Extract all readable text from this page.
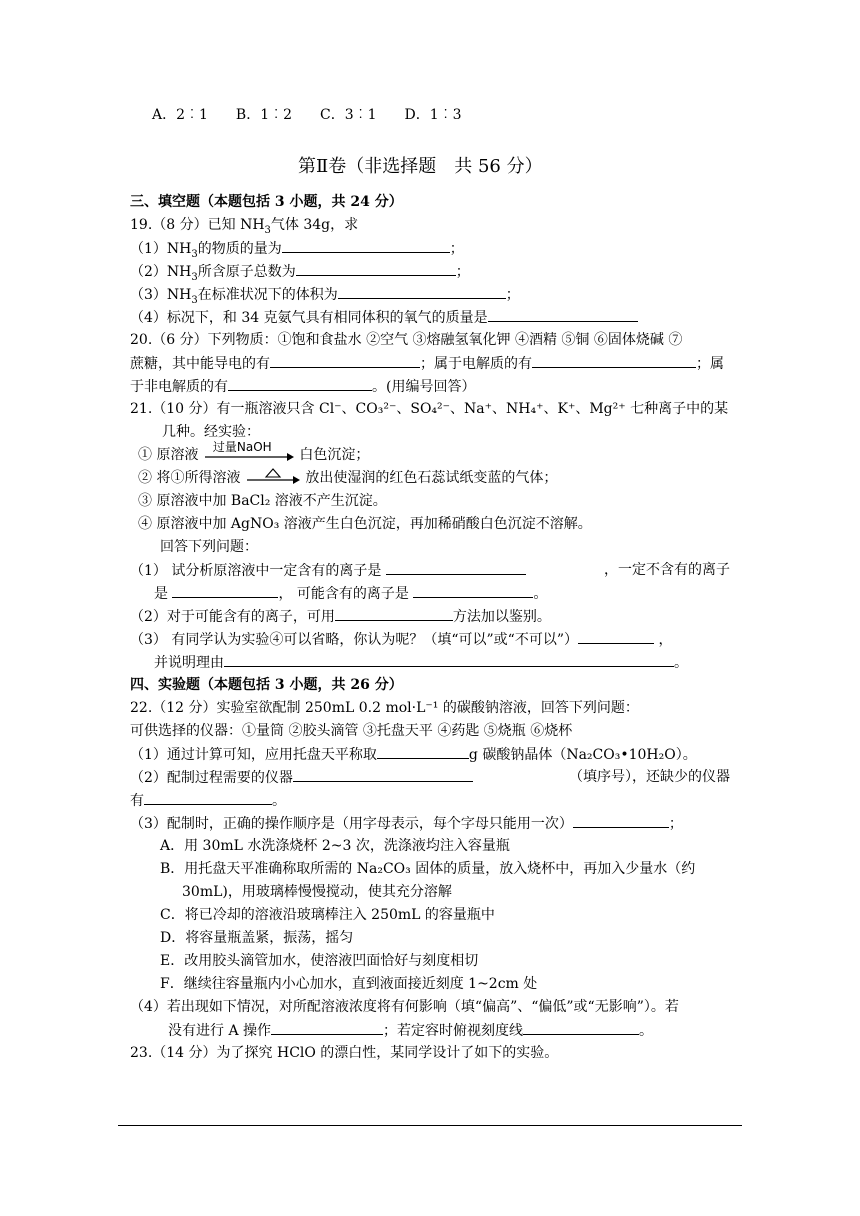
A．2︰1　　B．1︰2　　C．3︰1　　D．1︰3
第Ⅱ卷（非选择题　共 56 分）
三、填空题（本题包括 3 小题，共 24 分）
19.（8 分）已知 $NH_3$气体 34g，求
$(1)NH_3$的物质的量为	；
$(2)NH_3$所含原子总数为	；
$(3)NH_3$在标准状况下的体积为	；
（4）标况下，和 34 克氨气具有相同体积的氧气的质量是
20.（6 分）下列物质：①饱和食盐水 ②空气 ③熔融氢氧化钾 ④酒精 ⑤铜 ⑥固体烧碱 ⑦
蔗糖，其中能导电的有	；属于电解质的有	；属
于非电解质的有	。(用编号回答）
21.（10 分）有一瓶溶液只含 Cl⁻、CO₃²⁻、SO₄²⁻、Na⁺、NH₄⁺、K⁺、Mg²⁺ 七种离子中的某
几种。经实验：
① 原溶液 过量NaOH 白色沉淀；
② 将①所得溶液	放出使湿润的红色石蕊试纸变蓝的气体；
③ 原溶液中加 BaCl₂ 溶液不产生沉淀。
④ 原溶液中加 AgNO₃ 溶液产生白色沉淀，再加稀硝酸白色沉淀不溶解。
回答下列问题：
（1） 试分析原溶液中一定含有的离子是	，一定不含有的离子
是	， 可能含有的离子是	。
（2）对于可能含有的离子，可用	方法加以鉴别。
（3） 有同学认为实验④可以省略，你认为呢？（填“可以”或“不可以”）	，
并说明理由	。
四、实验题（本题包括 3 小题，共 26 分）
22.（12 分）实验室欲配制 250mL 0.2 mol·L⁻¹ 的碳酸钠溶液，回答下列问题：
可供选择的仪器：①量筒 ②胶头滴管 ③托盘天平 ④药匙 ⑤烧瓶 ⑥烧杯
（1）通过计算可知，应用托盘天平称取	g 碳酸钠晶体（Na₂CO₃•10H₂O）。
（2）配制过程需要的仪器	（填序号），还缺少的仪器
有	。
（3）配制时，正确的操作顺序是（用字母表示，每个字母只能用一次）	；
A．用 30mL 水洗涤烧杯 2~3 次，洗涤液均注入容量瓶
B．用托盘天平准确称取所需的 Na₂CO₃ 固体的质量，放入烧杯中，再加入少量水（约
30mL)，用玻璃棒慢慢搅动，使其充分溶解
C．将已冷却的溶液沿玻璃棒注入 250mL 的容量瓶中
D．将容量瓶盖紧，振荡，摇匀
E．改用胶头滴管加水，使溶液凹面恰好与刻度相切
F．继续往容量瓶内小心加水，直到液面接近刻度 1~2cm 处
（4）若出现如下情况，对所配溶液浓度将有何影响（填“偏高”、“偏低”或“无影响”）。若
没有进行 A 操作	；若定容时俯视刻度线	。
23.（14 分）为了探究 HClO 的漂白性，某同学设计了如下的实验。
